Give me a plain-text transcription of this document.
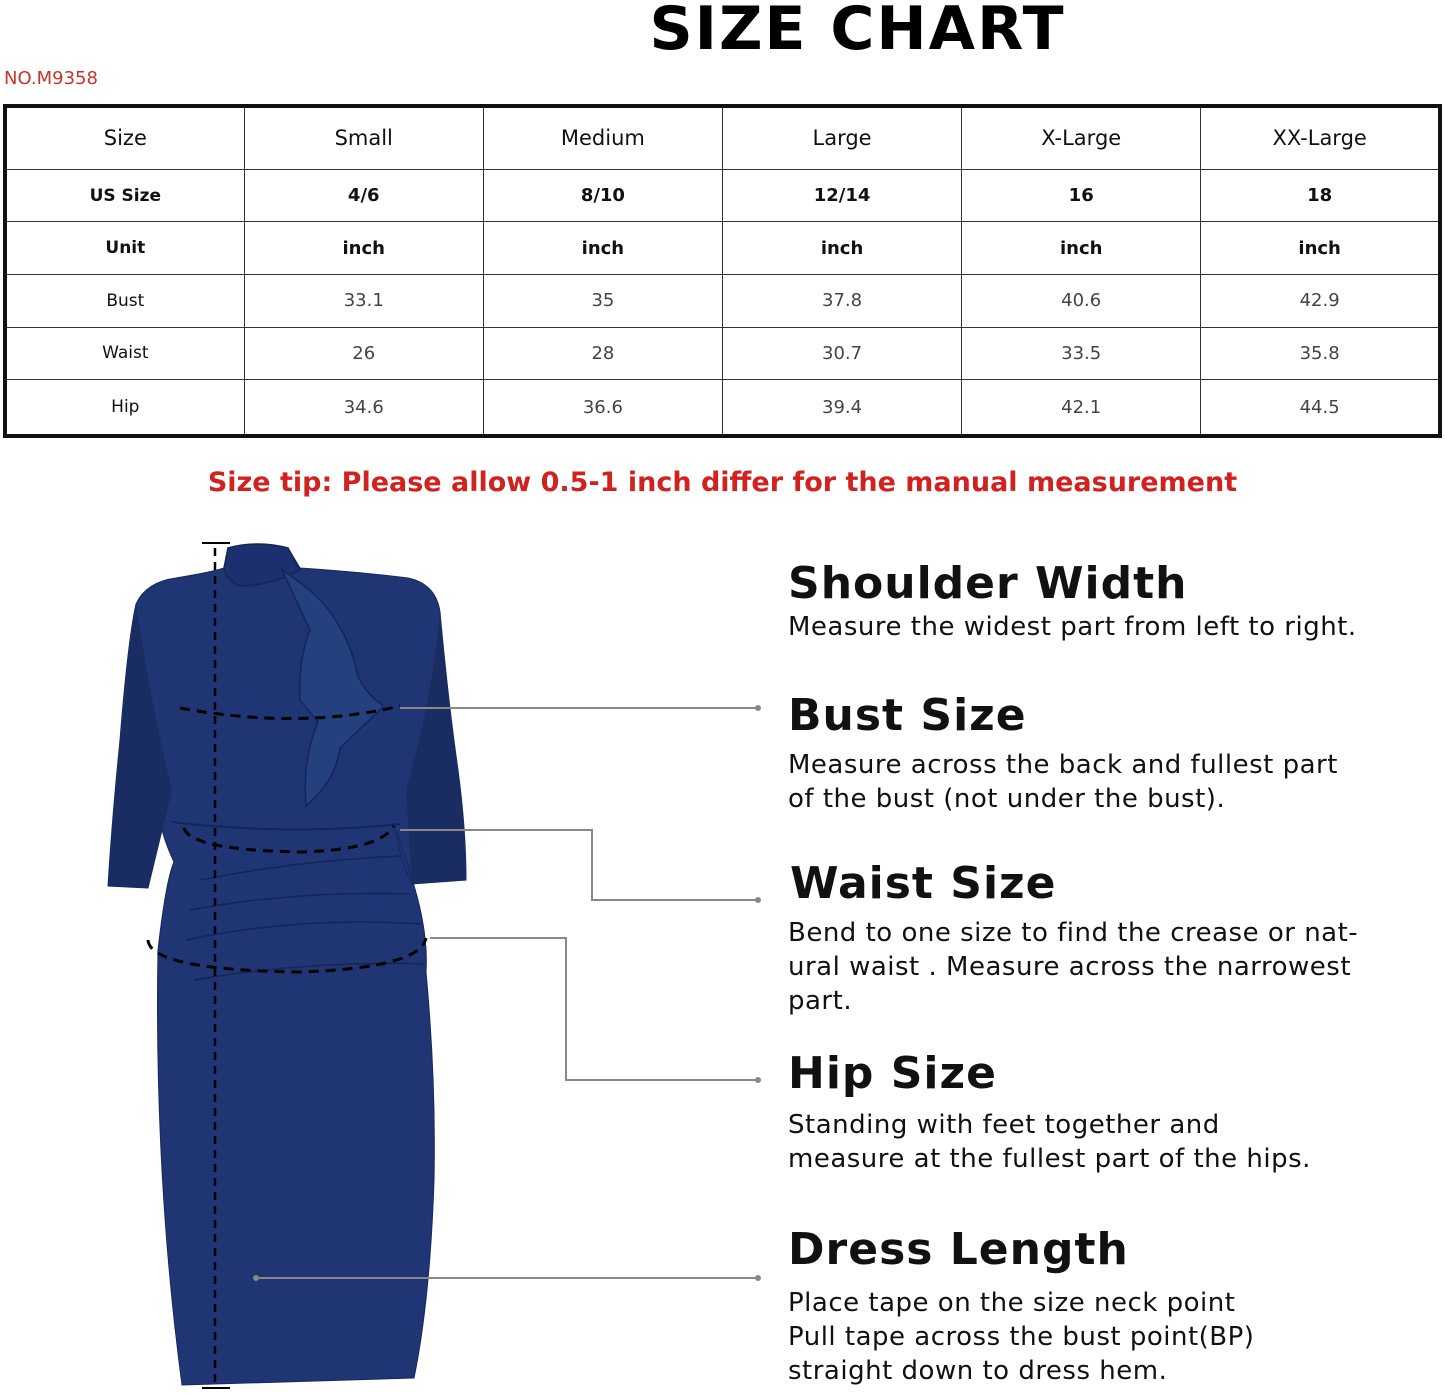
SIZE CHART
NO.M9358
Size	Small	Medium	Large	X-Large	XX-Large
US Size	4/6	8/10	12/14	16	18
Unit	inch	inch	inch	inch	inch
Bust	33.1	35	37.8	40.6	42.9
Waist	26	28	30.7	33.5	35.8
Hip	34.6	36.6	39.4	42.1	44.5
Size tip: Please allow 0.5-1 inch differ for the manual measurement
Shoulder Width

Measure the widest part from left to right.

Bust Size

Measure across the back and fullest part
of the bust (not under the bust).

Waist Size

Bend to one size to find the crease or nat-
ural waist . Measure across the narrowest
part.

Hip Size

Standing with feet together and
measure at the fullest part of the hips.

Dress Length

Place tape on the size neck point
Pull tape across the bust point(BP)
straight down to dress hem.
